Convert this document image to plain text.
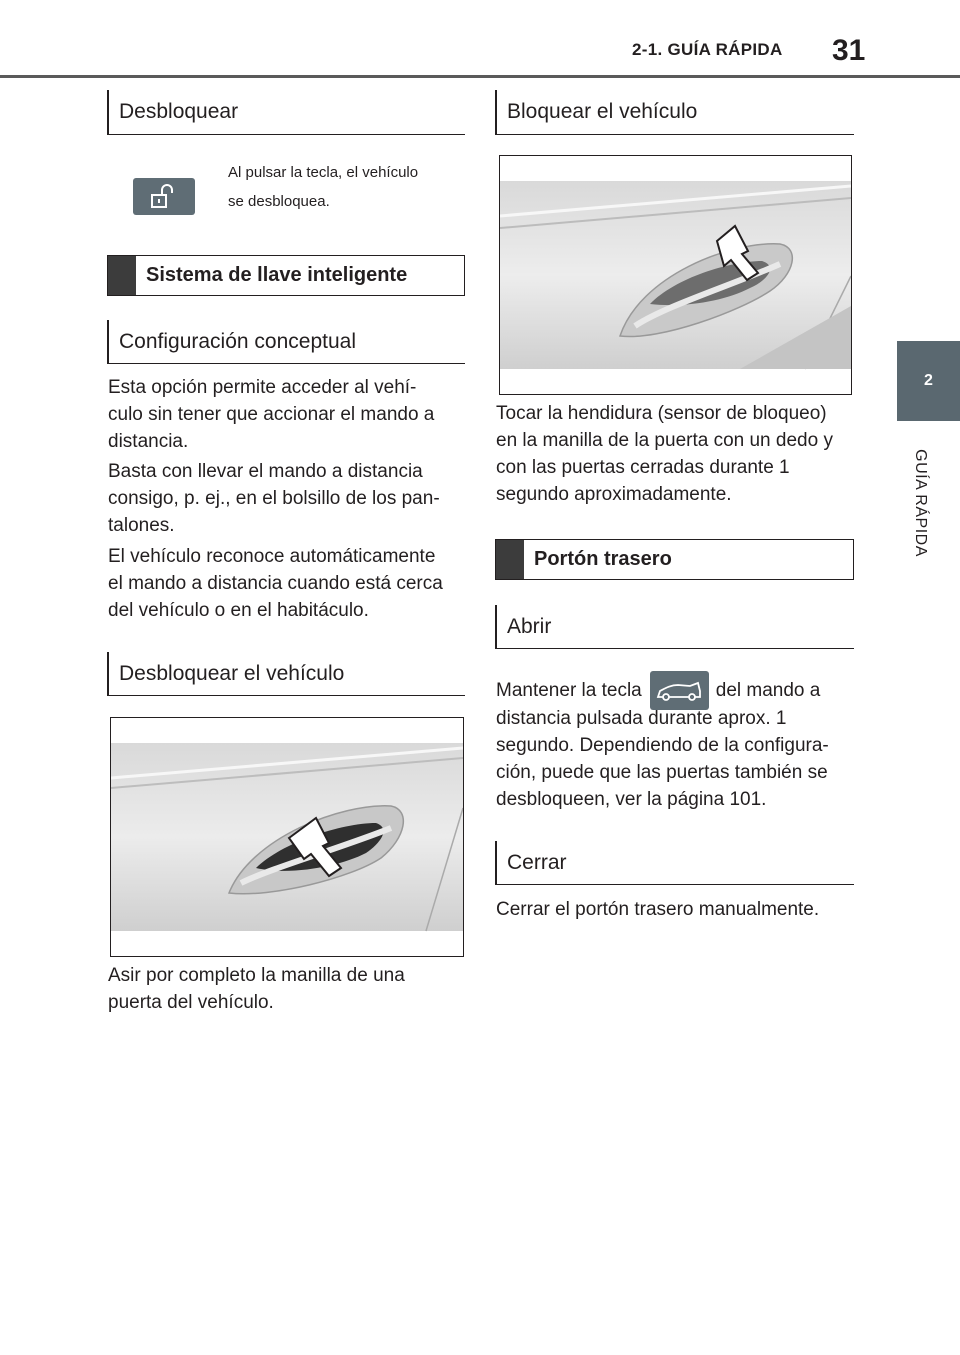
2-1. GUÍA RÁPIDA 31
2
GUÍA RÁPIDA
Desbloquear
Al pulsar la tecla, el vehículo
se desbloquea.
Sistema de llave inteligente
Configuración conceptual
Esta opción permite acceder al vehí-
culo sin tener que accionar el mando a
distancia.
Basta con llevar el mando a distancia
consigo, p. ej., en el bolsillo de los pan-
talones.
El vehículo reconoce automáticamente
el mando a distancia cuando está cerca
del vehículo o en el habitáculo.
Desbloquear el vehículo
Asir por completo la manilla de una
puerta del vehículo.
Bloquear el vehículo
Tocar la hendidura (sensor de bloqueo)
en la manilla de la puerta con un dedo y
con las puertas cerradas durante 1
segundo aproximadamente.
Portón trasero
Abrir
Mantener la tecla	del mando a
distancia pulsada durante aprox. 1
segundo. Dependiendo de la configura-
ción, puede que las puertas también se
desbloqueen, ver la página 101.
Cerrar
Cerrar el portón trasero manualmente.
